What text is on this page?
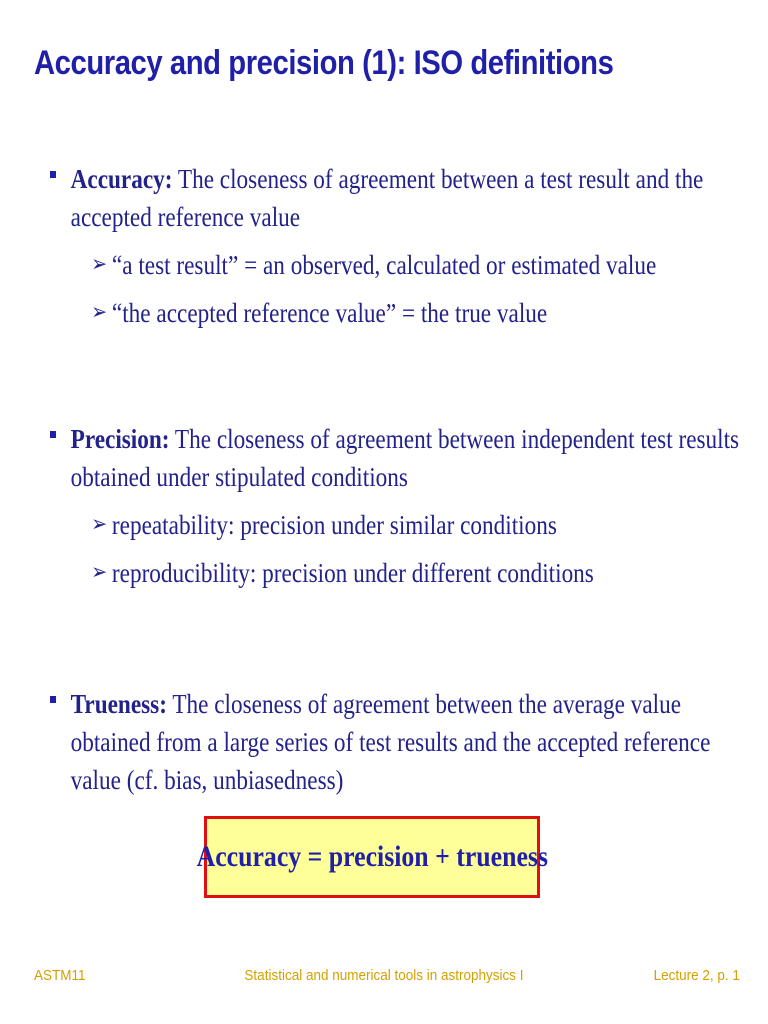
Accuracy and precision (1): ISO definitions
Accuracy: The closeness of agreement between a test result and the accepted reference value
➢ “a test result” = an observed, calculated or estimated value
➢ “the accepted reference value” = the true value
Precision: The closeness of agreement between independent test results obtained under stipulated conditions
➢ repeatability: precision under similar conditions
➢ reproducibility: precision under different conditions
Trueness: The closeness of agreement between the average value obtained from a large series of test results and the accepted reference value (cf. bias, unbiasedness)
Accuracy = precision + trueness
ASTM11	Statistical and numerical tools in astrophysics I	Lecture 2, p. 1
